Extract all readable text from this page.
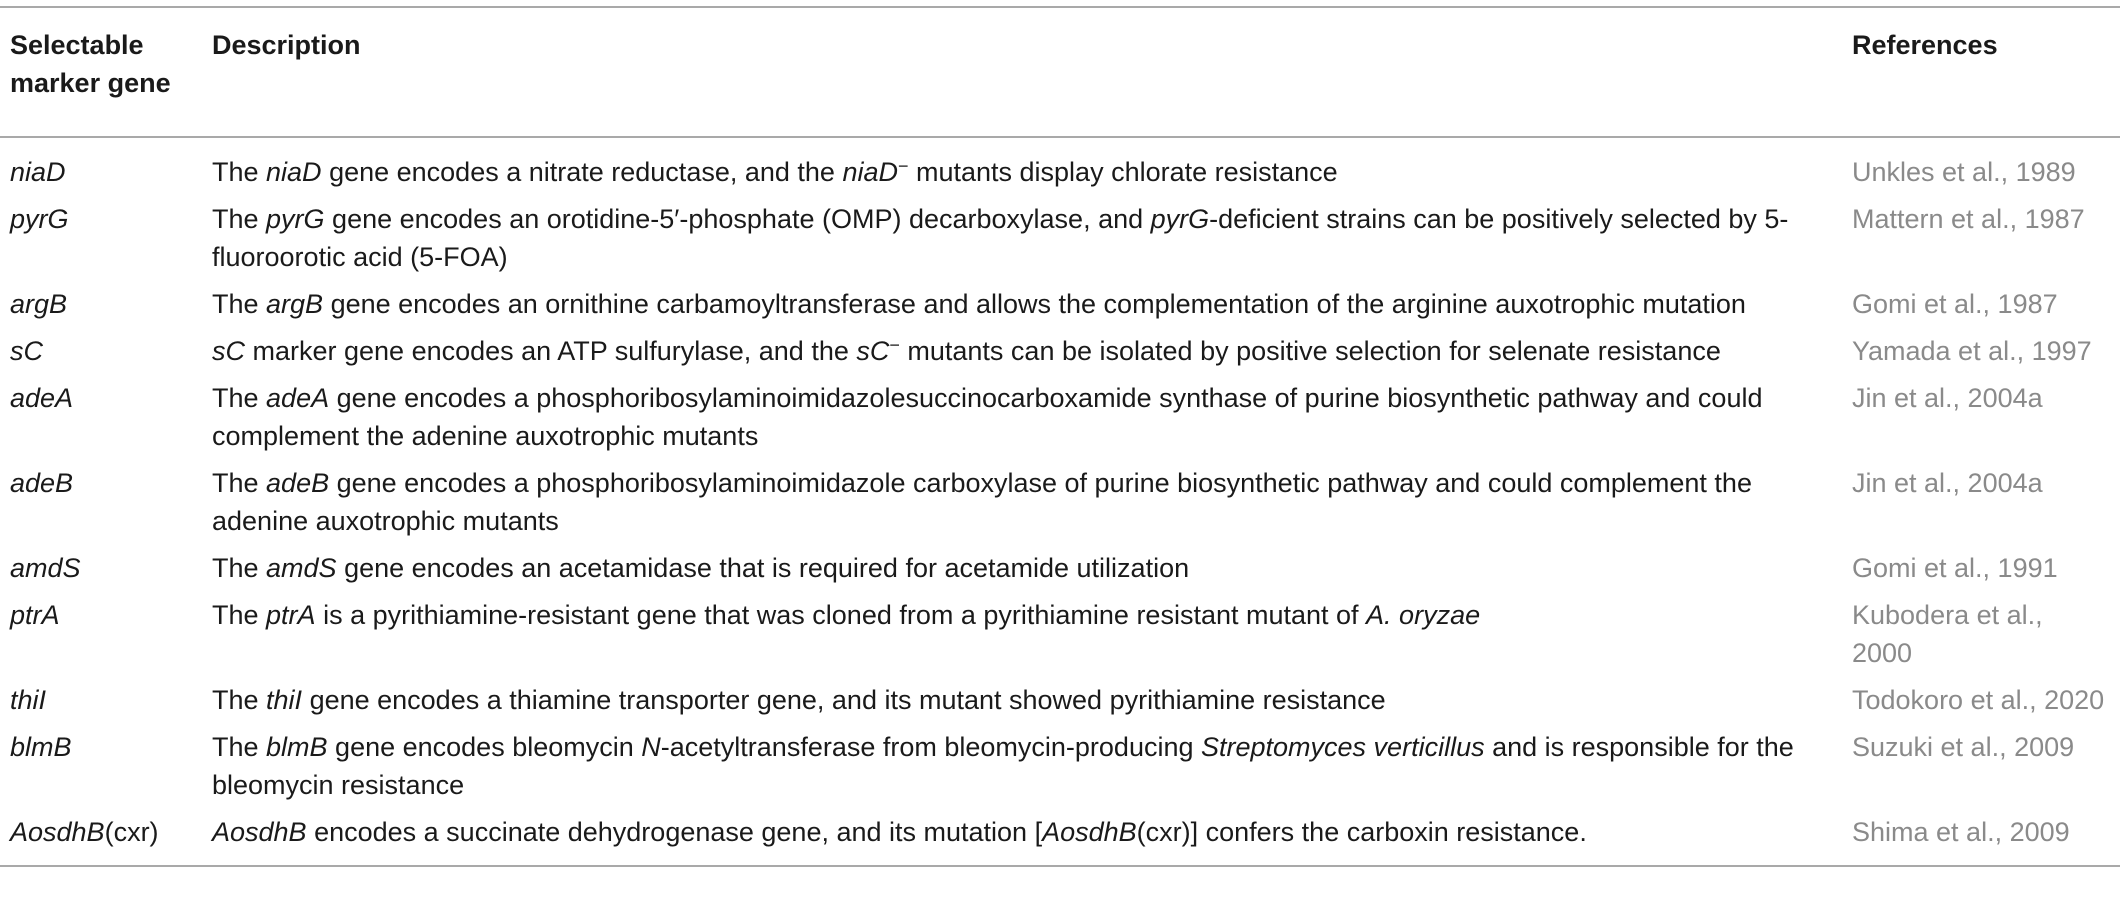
Selectable marker gene	Description	References
niaD	The niaD gene encodes a nitrate reductase, and the niaD− mutants display chlorate resistance	Unkles et al., 1989
pyrG	The pyrG gene encodes an orotidine-5′-phosphate (OMP) decarboxylase, and pyrG-deficient strains can be positively selected by 5-fluoroorotic acid (5-FOA)	Mattern et al., 1987
argB	The argB gene encodes an ornithine carbamoyltransferase and allows the complementation of the arginine auxotrophic mutation	Gomi et al., 1987
sC	sC marker gene encodes an ATP sulfurylase, and the sC− mutants can be isolated by positive selection for selenate resistance	Yamada et al., 1997
adeA	The adeA gene encodes a phosphoribosylaminoimidazolesuccinocarboxamide synthase of purine biosynthetic pathway and could complement the adenine auxotrophic mutants	Jin et al., 2004a
adeB	The adeB gene encodes a phosphoribosylaminoimidazole carboxylase of purine biosynthetic pathway and could complement the adenine auxotrophic mutants	Jin et al., 2004a
amdS	The amdS gene encodes an acetamidase that is required for acetamide utilization	Gomi et al., 1991
ptrA	The ptrA is a pyrithiamine-resistant gene that was cloned from a pyrithiamine resistant mutant of A. oryzae	Kubodera et al., 2000
thiI	The thiI gene encodes a thiamine transporter gene, and its mutant showed pyrithiamine resistance	Todokoro et al., 2020
blmB	The blmB gene encodes bleomycin N-acetyltransferase from bleomycin-producing Streptomyces verticillus and is responsible for the bleomycin resistance	Suzuki et al., 2009
AosdhB(cxr)	AosdhB encodes a succinate dehydrogenase gene, and its mutation [AosdhB(cxr)] confers the carboxin resistance.	Shima et al., 2009
